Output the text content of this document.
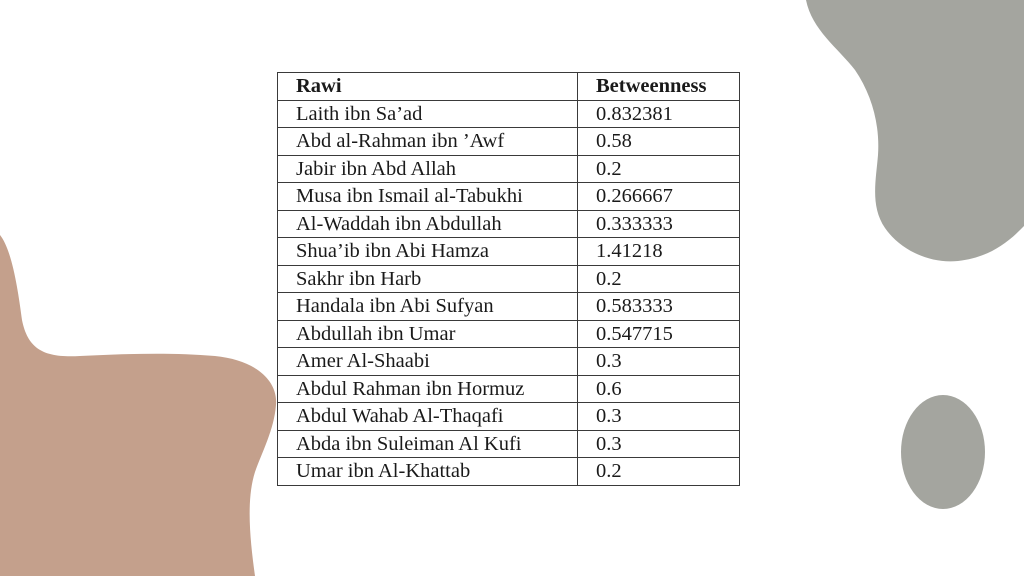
Rawi	Betweenness
Laith ibn Sa’ad	0.832381
Abd al-Rahman ibn ’Awf	0.58
Jabir ibn Abd Allah	0.2
Musa ibn Ismail al-Tabukhi	0.266667
Al-Waddah ibn Abdullah	0.333333
Shua’ib ibn Abi Hamza	1.41218
Sakhr ibn Harb	0.2
Handala ibn Abi Sufyan	0.583333
Abdullah ibn Umar	0.547715
Amer Al-Shaabi	0.3
Abdul Rahman ibn Hormuz	0.6
Abdul Wahab Al-Thaqafi	0.3
Abda ibn Suleiman Al Kufi	0.3
Umar ibn Al-Khattab	0.2
